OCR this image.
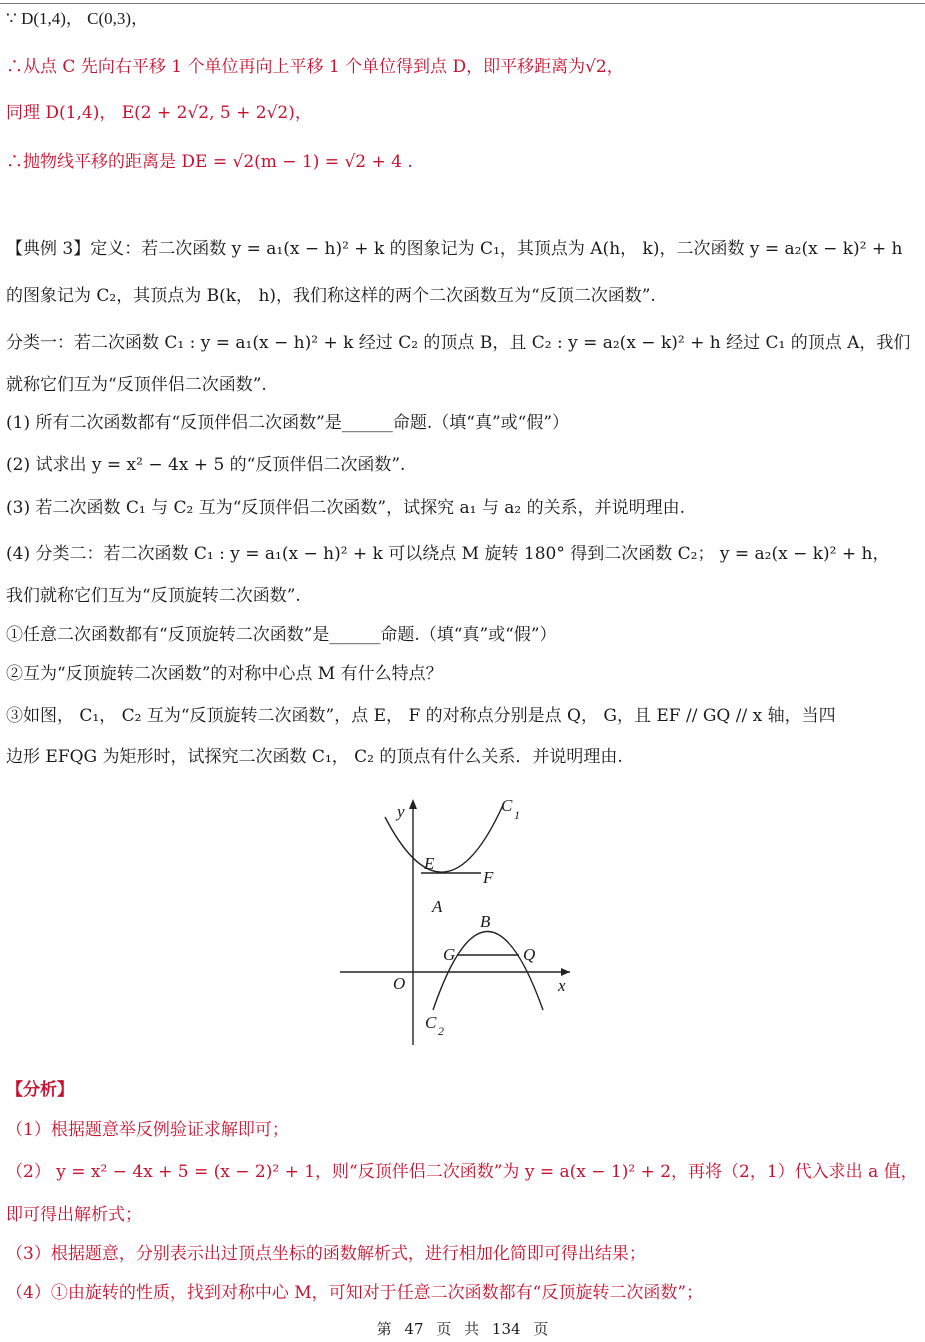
∵ D(1,4)， C(0,3)，
∴从点 C 先向右平移 1 个单位再向上平移 1 个单位得到点 D，即平移距离为√2，
同理 D(1,4)， E(2 + 2√2, 5 + 2√2)，
∴抛物线平移的距离是 DE = √2(m − 1) = √2 + 4 .
【典例 3】定义：若二次函数 y = a₁(x − h)² + k 的图象记为 C₁，其顶点为 A(h， k)，二次函数 y = a₂(x − k)² + h
的图象记为 C₂，其顶点为 B(k， h)，我们称这样的两个二次函数互为“反顶二次函数”.
分类一：若二次函数 C₁ : y = a₁(x − h)² + k 经过 C₂ 的顶点 B，且 C₂ : y = a₂(x − k)² + h 经过 C₁ 的顶点 A，我们
就称它们互为“反顶伴侣二次函数”.
(1) 所有二次函数都有“反顶伴侣二次函数”是______命题.（填“真”或“假”）
(2) 试求出 y = x² − 4x + 5 的“反顶伴侣二次函数”.
(3) 若二次函数 C₁ 与 C₂ 互为“反顶伴侣二次函数”，试探究 a₁ 与 a₂ 的关系，并说明理由.
(4) 分类二：若二次函数 C₁ : y = a₁(x − h)² + k 可以绕点 M 旋转 180° 得到二次函数 C₂； y = a₂(x − k)² + h，
我们就称它们互为“反顶旋转二次函数”.
①任意二次函数都有“反顶旋转二次函数”是______命题.（填“真”或“假”）
②互为“反顶旋转二次函数”的对称中心点 M 有什么特点？
③如图， C₁， C₂ 互为“反顶旋转二次函数”，点 E， F 的对称点分别是点 Q， G，且 EF // GQ // x 轴，当四
边形 EFQG 为矩形时，试探究二次函数 C₁， C₂ 的顶点有什么关系．并说明理由.
y
x
O
C 1
C 2
E
F
A
B
G	Q
【分析】
（1）根据题意举反例验证求解即可；
（2） y = x² − 4x + 5 = (x − 2)² + 1，则“反顶伴侣二次函数”为 y = a(x − 1)² + 2，再将（2，1）代入求出 a 值，
即可得出解析式；
（3）根据题意，分别表示出过顶点坐标的函数解析式，进行相加化简即可得出结果；
（4）①由旋转的性质，找到对称中心 M，可知对于任意二次函数都有“反顶旋转二次函数”；
第 47 页 共 134 页
